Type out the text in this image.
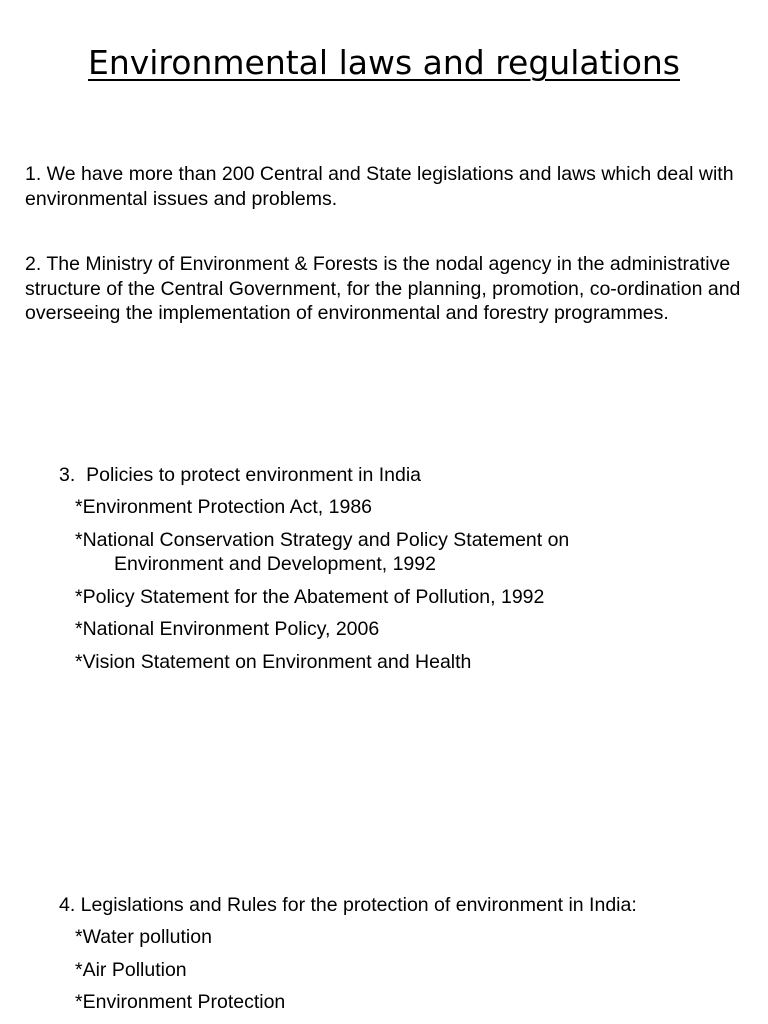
Environmental laws and regulations
1. We have more than 200 Central and State legislations and laws which deal with environmental issues and problems.
2. The Ministry of Environment & Forests is the nodal agency in the administrative structure of the Central Government, for the planning, promotion, co-ordination and overseeing the implementation of environmental and forestry programmes.
3.  Policies to protect environment in India
*Environment Protection Act, 1986
*National Conservation Strategy and Policy Statement on
Environment and Development, 1992
*Policy Statement for the Abatement of Pollution, 1992
*National Environment Policy, 2006
*Vision Statement on Environment and Health
4. Legislations and Rules for the protection of environment in India:
*Water pollution
*Air Pollution
*Environment Protection
